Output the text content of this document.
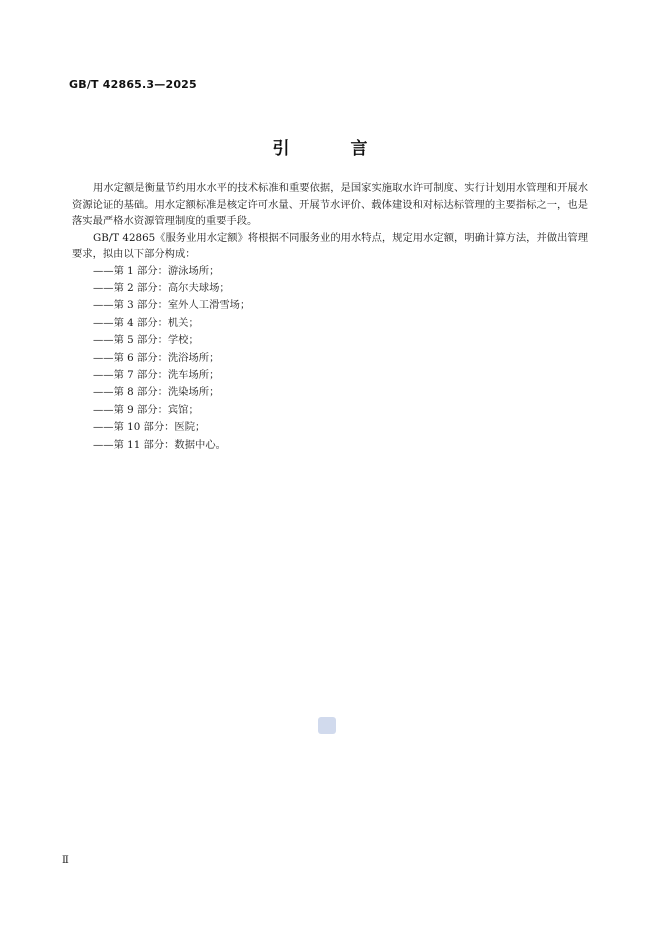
GB/T 42865.3—2025
引　言

用水定额是衡量节约用水水平的技术标准和重要依据，是国家实施取水许可制度、实行计划用水管理和开展水资源论证的基础。用水定额标准是核定许可水量、开展节水评价、载体建设和对标达标管理的主要指标之一，也是落实最严格水资源管理制度的重要手段。

GB/T 42865《服务业用水定额》将根据不同服务业的用水特点，规定用水定额，明确计算方法，并做出管理要求，拟由以下部分构成：

——第 1 部分：游泳场所；
——第 2 部分：高尔夫球场；
——第 3 部分：室外人工滑雪场；
——第 4 部分：机关；
——第 5 部分：学校；
——第 6 部分：洗浴场所；
——第 7 部分：洗车场所；
——第 8 部分：洗染场所；
——第 9 部分：宾馆；
——第 10 部分：医院；
——第 11 部分：数据中心。
Ⅱ
